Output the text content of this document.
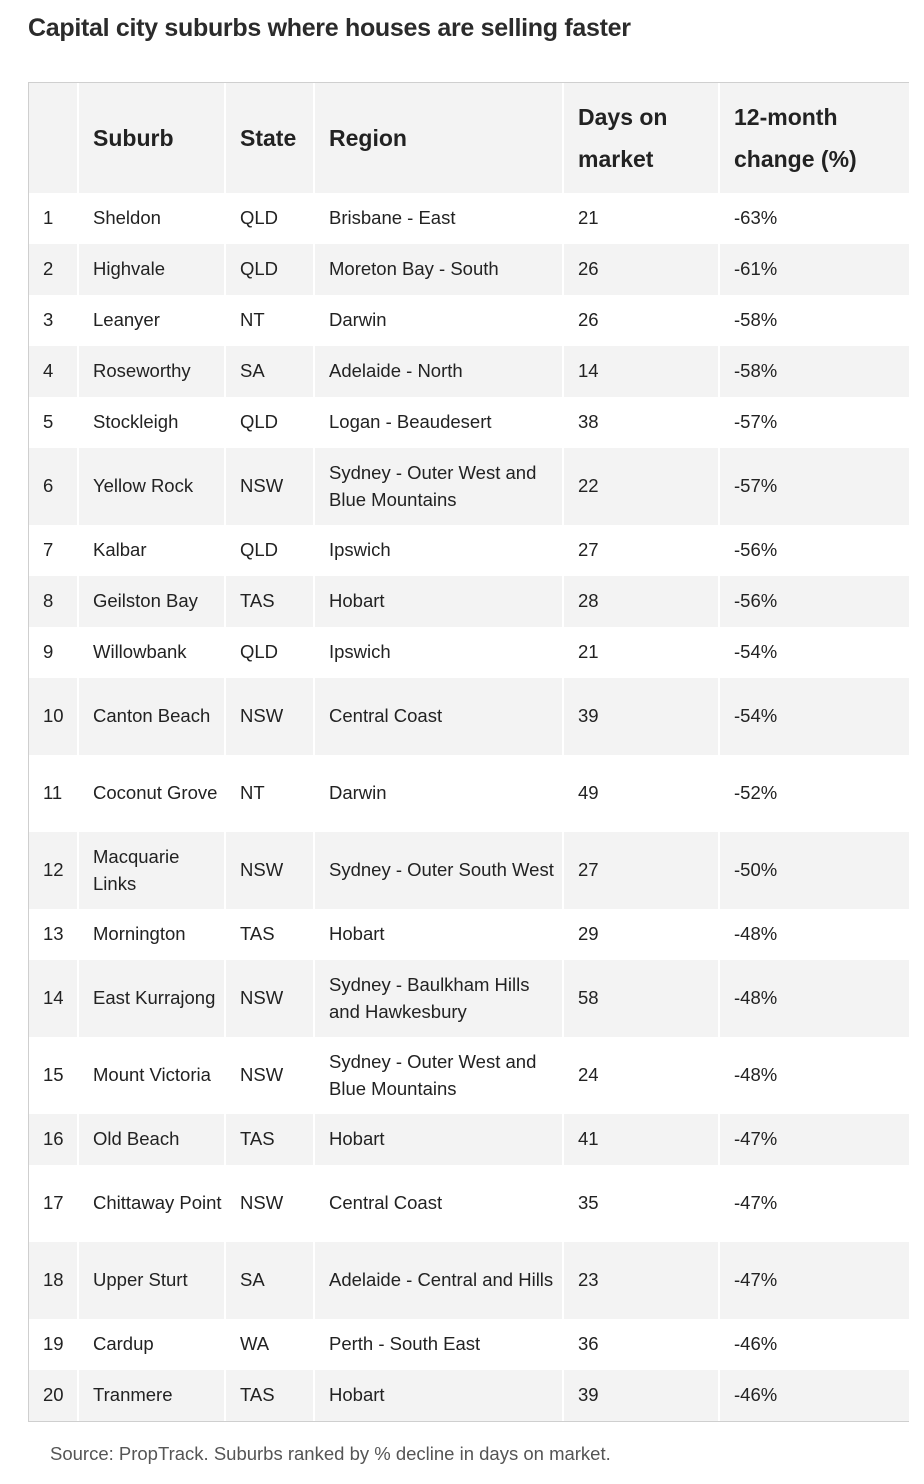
Capital city suburbs where houses are selling faster
	Suburb	State	Region	Days on market	12-month change (%)
1	Sheldon	QLD	Brisbane - East	21	-63%
2	Highvale	QLD	Moreton Bay - South	26	-61%
3	Leanyer	NT	Darwin	26	-58%
4	Roseworthy	SA	Adelaide - North	14	-58%
5	Stockleigh	QLD	Logan - Beaudesert	38	-57%
6	Yellow Rock	NSW	Sydney - Outer West and Blue Mountains	22	-57%
7	Kalbar	QLD	Ipswich	27	-56%
8	Geilston Bay	TAS	Hobart	28	-56%
9	Willowbank	QLD	Ipswich	21	-54%
10	Canton Beach	NSW	Central Coast	39	-54%
11	Coconut Grove	NT	Darwin	49	-52%
12	Macquarie Links	NSW	Sydney - Outer South West	27	-50%
13	Mornington	TAS	Hobart	29	-48%
14	East Kurrajong	NSW	Sydney - Baulkham Hills and Hawkesbury	58	-48%
15	Mount Victoria	NSW	Sydney - Outer West and Blue Mountains	24	-48%
16	Old Beach	TAS	Hobart	41	-47%
17	Chittaway Point	NSW	Central Coast	35	-47%
18	Upper Sturt	SA	Adelaide - Central and Hills	23	-47%
19	Cardup	WA	Perth - South East	36	-46%
20	Tranmere	TAS	Hobart	39	-46%

Source: PropTrack. Suburbs ranked by % decline in days on market.
